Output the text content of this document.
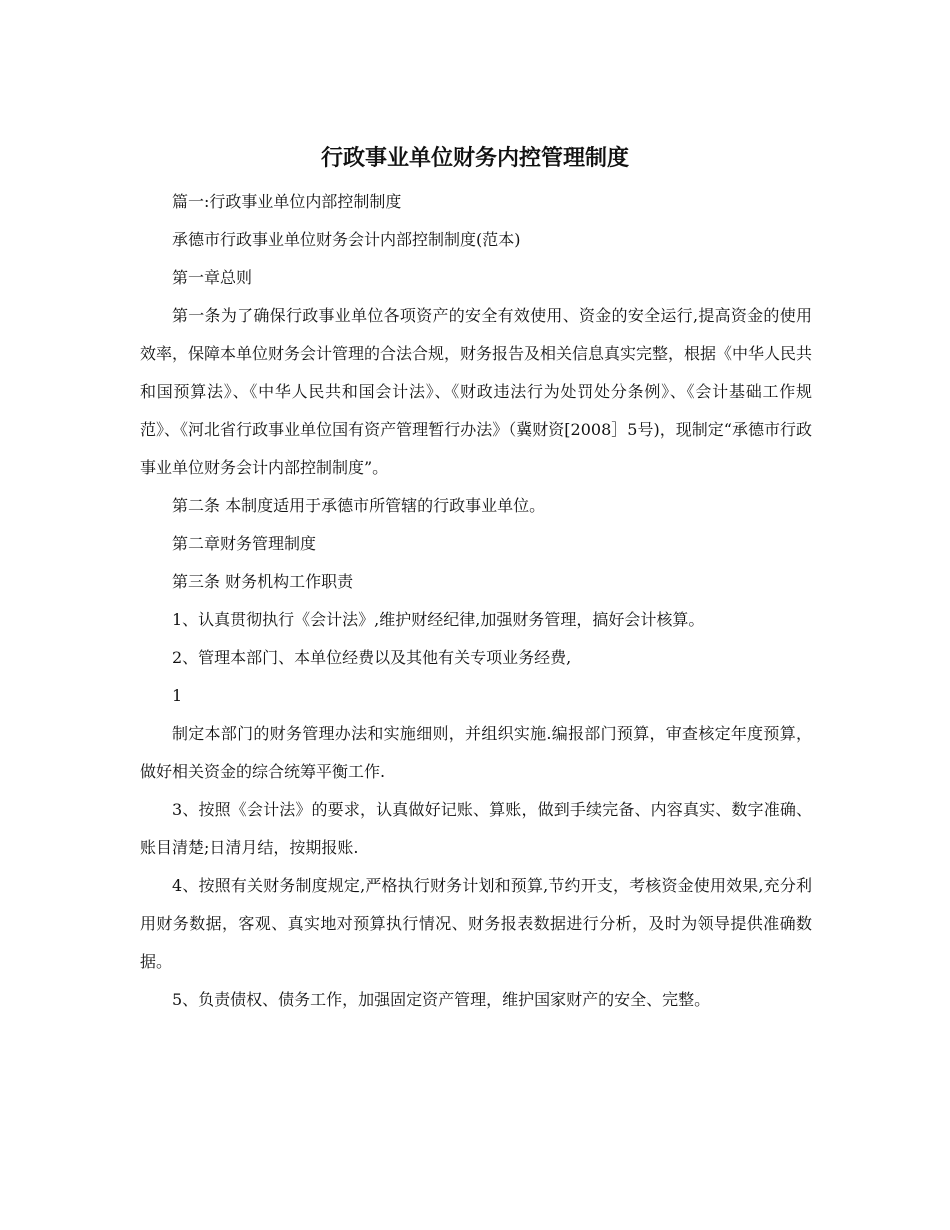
行政事业单位财务内控管理制度

篇一:行政事业单位内部控制制度

承德市行政事业单位财务会计内部控制制度(范本)

第一章总则

第一条为了确保行政事业单位各项资产的安全有效使用、资金的安全运行,提高资金的使用效率，保障本单位财务会计管理的合法合规，财务报告及相关信息真实完整，根据《中华人民共和国预算法》、《中华人民共和国会计法》、《财政违法行为处罚处分条例》、《会计基础工作规范》、《河北省行政事业单位国有资产管理暂行办法》（冀财资[2008］5号)，现制定“承德市行政事业单位财务会计内部控制制度”。

第二条 本制度适用于承德市所管辖的行政事业单位。

第二章财务管理制度

第三条 财务机构工作职责

1、认真贯彻执行《会计法》,维护财经纪律,加强财务管理，搞好会计核算。

2、管理本部门、本单位经费以及其他有关专项业务经费,

1

制定本部门的财务管理办法和实施细则，并组织实施.编报部门预算，审查核定年度预算，做好相关资金的综合统筹平衡工作.

3、按照《会计法》的要求，认真做好记账、算账，做到手续完备、内容真实、数字准确、账目清楚;日清月结，按期报账.

4、按照有关财务制度规定,严格执行财务计划和预算,节约开支，考核资金使用效果,充分利用财务数据，客观、真实地对预算执行情况、财务报表数据进行分析，及时为领导提供准确数据。

5、负责债权、债务工作，加强固定资产管理，维护国家财产的安全、完整。
